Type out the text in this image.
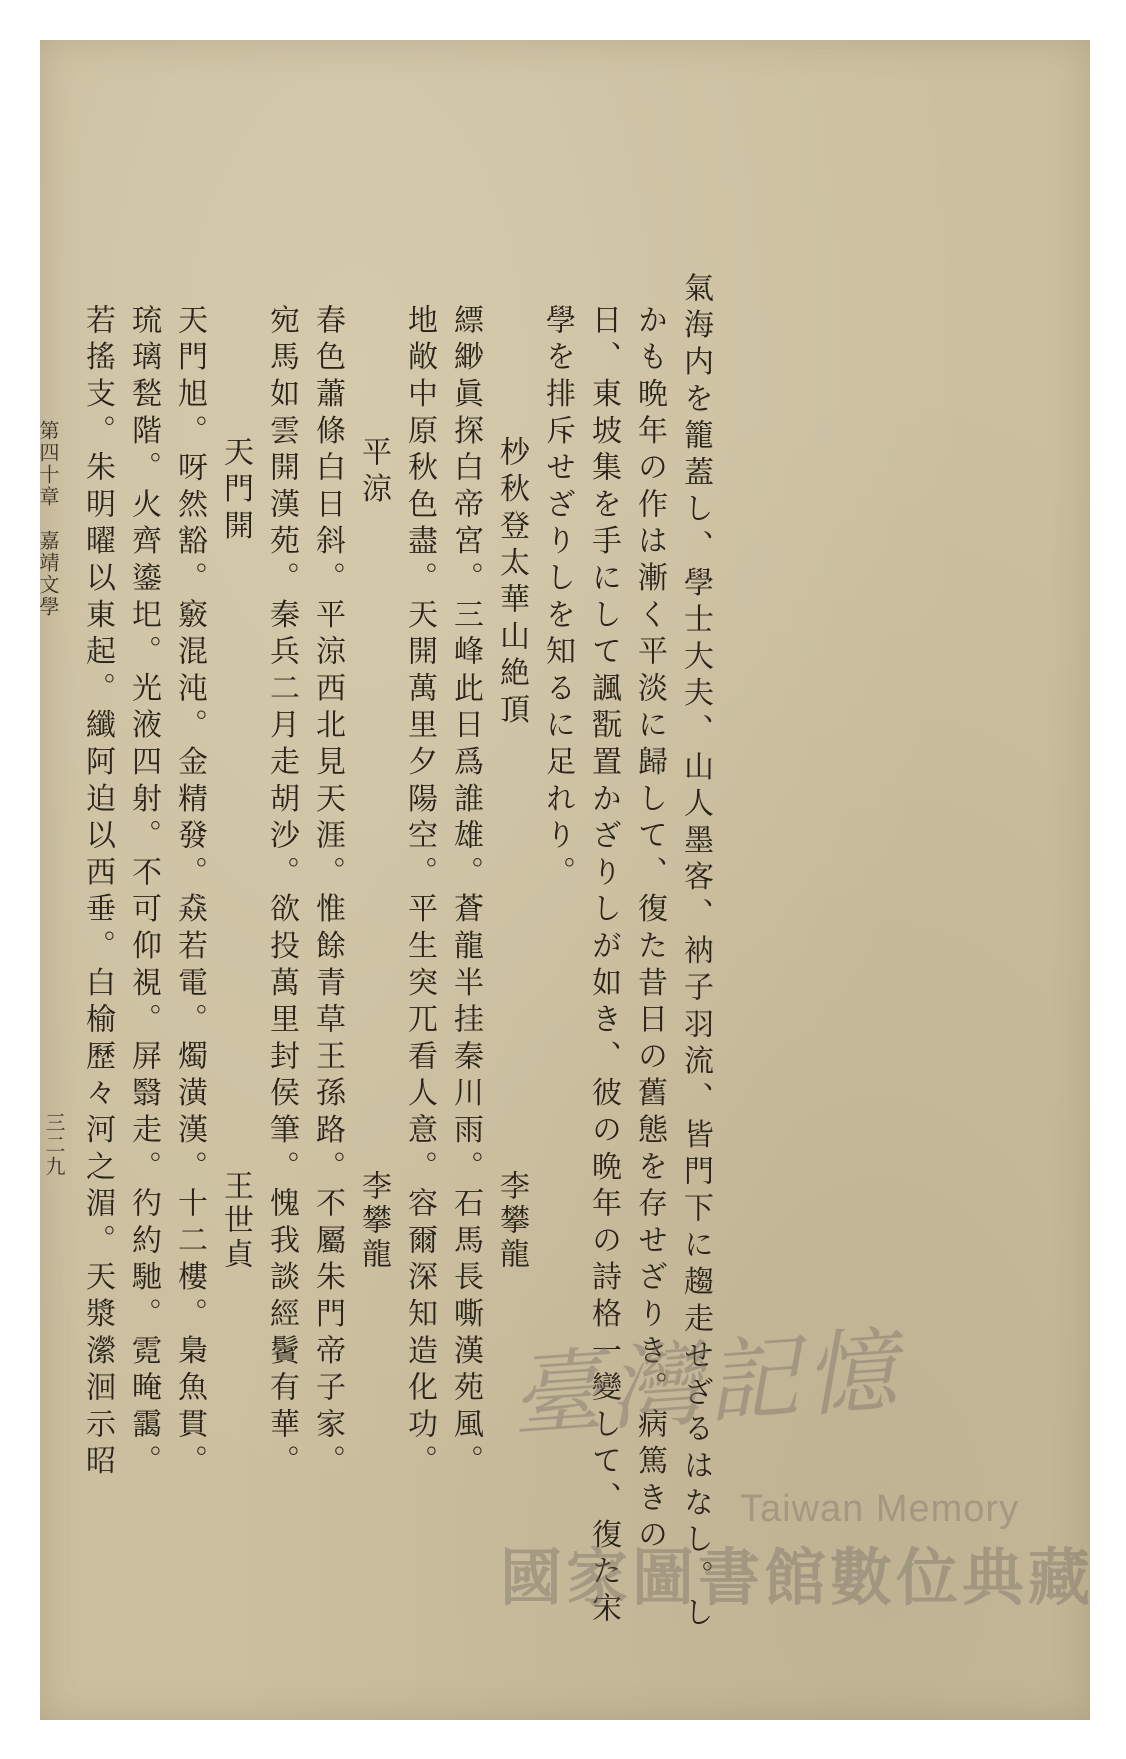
氣海内を籠蓋し、學士大夫、山人墨客、衲子羽流、皆門下に趨走せざるはなし。し
かも晩年の作は漸く平淡に歸して、復た昔日の舊態を存せざりき。病篤きの
日、東坡集を手にして諷翫置かざりしが如き、彼の晩年の詩格一變して、復た宋
學を排斥せざりしを知るに足れり。
杪秋登太華山絶頂
李攀龍
縹緲眞探白帝宮。三峰此日爲誰雄。蒼龍半挂秦川雨。石馬長嘶漢苑風。
地敞中原秋色盡。天開萬里夕陽空。平生突兀看人意。容爾深知造化功。
平涼
李攀龍
春色蕭條白日斜。平涼西北見天涯。惟餘青草王孫路。不屬朱門帝子家。
宛馬如雲開漢苑。秦兵二月走胡沙。欲投萬里封侯筆。愧我談經鬢有華。
天門開
王世貞
天門旭。呀然豁。竅混沌。金精發。猋若電。燭潢漢。十二樓。梟魚貫。
琉璃甃階。火齊鎏圯。光液四射。不可仰視。屏翳走。彴約馳。霓晻靄。
若搖支。朱明曜以東起。纖阿迫以西垂。白榆歷々河之湄。天漿瀠洄示昭
第四十章　嘉靖文學
三二九
臺灣記憶
Taiwan Memory
國家圖書館數位典藏
